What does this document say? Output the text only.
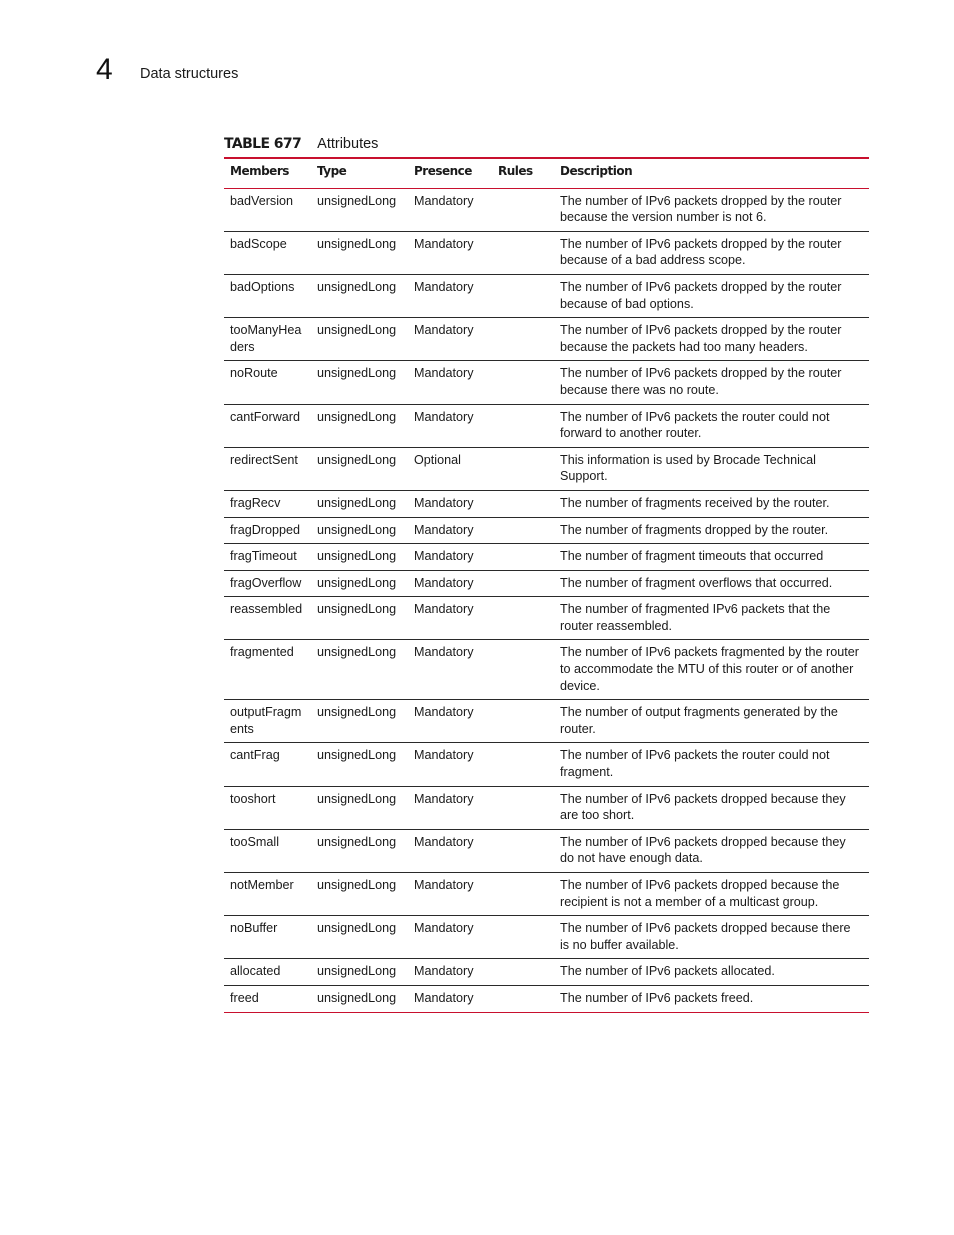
4 Data structures
TABLE 677 Attributes
Members	Type	Presence	Rules	Description
badVersion	unsignedLong	Mandatory		The number of IPv6 packets dropped by the router because the version number is not 6.
badScope	unsignedLong	Mandatory		The number of IPv6 packets dropped by the router because of a bad address scope.
badOptions	unsignedLong	Mandatory		The number of IPv6 packets dropped by the router because of bad options.
tooManyHeaders	unsignedLong	Mandatory		The number of IPv6 packets dropped by the router because the packets had too many headers.
noRoute	unsignedLong	Mandatory		The number of IPv6 packets dropped by the router because there was no route.
cantForward	unsignedLong	Mandatory		The number of IPv6 packets the router could not forward to another router.
redirectSent	unsignedLong	Optional		This information is used by Brocade Technical Support.
fragRecv	unsignedLong	Mandatory		The number of fragments received by the router.
fragDropped	unsignedLong	Mandatory		The number of fragments dropped by the router.
fragTimeout	unsignedLong	Mandatory		The number of fragment timeouts that occurred
fragOverflow	unsignedLong	Mandatory		The number of fragment overflows that occurred.
reassembled	unsignedLong	Mandatory		The number of fragmented IPv6 packets that the router reassembled.
fragmented	unsignedLong	Mandatory		The number of IPv6 packets fragmented by the router to accommodate the MTU of this router or of another device.
outputFragments	unsignedLong	Mandatory		The number of output fragments generated by the router.
cantFrag	unsignedLong	Mandatory		The number of IPv6 packets the router could not fragment.
tooshort	unsignedLong	Mandatory		The number of IPv6 packets dropped because they are too short.
tooSmall	unsignedLong	Mandatory		The number of IPv6 packets dropped because they do not have enough data.
notMember	unsignedLong	Mandatory		The number of IPv6 packets dropped because the recipient is not a member of a multicast group.
noBuffer	unsignedLong	Mandatory		The number of IPv6 packets dropped because there is no buffer available.
allocated	unsignedLong	Mandatory		The number of IPv6 packets allocated.
freed	unsignedLong	Mandatory		The number of IPv6 packets freed.
